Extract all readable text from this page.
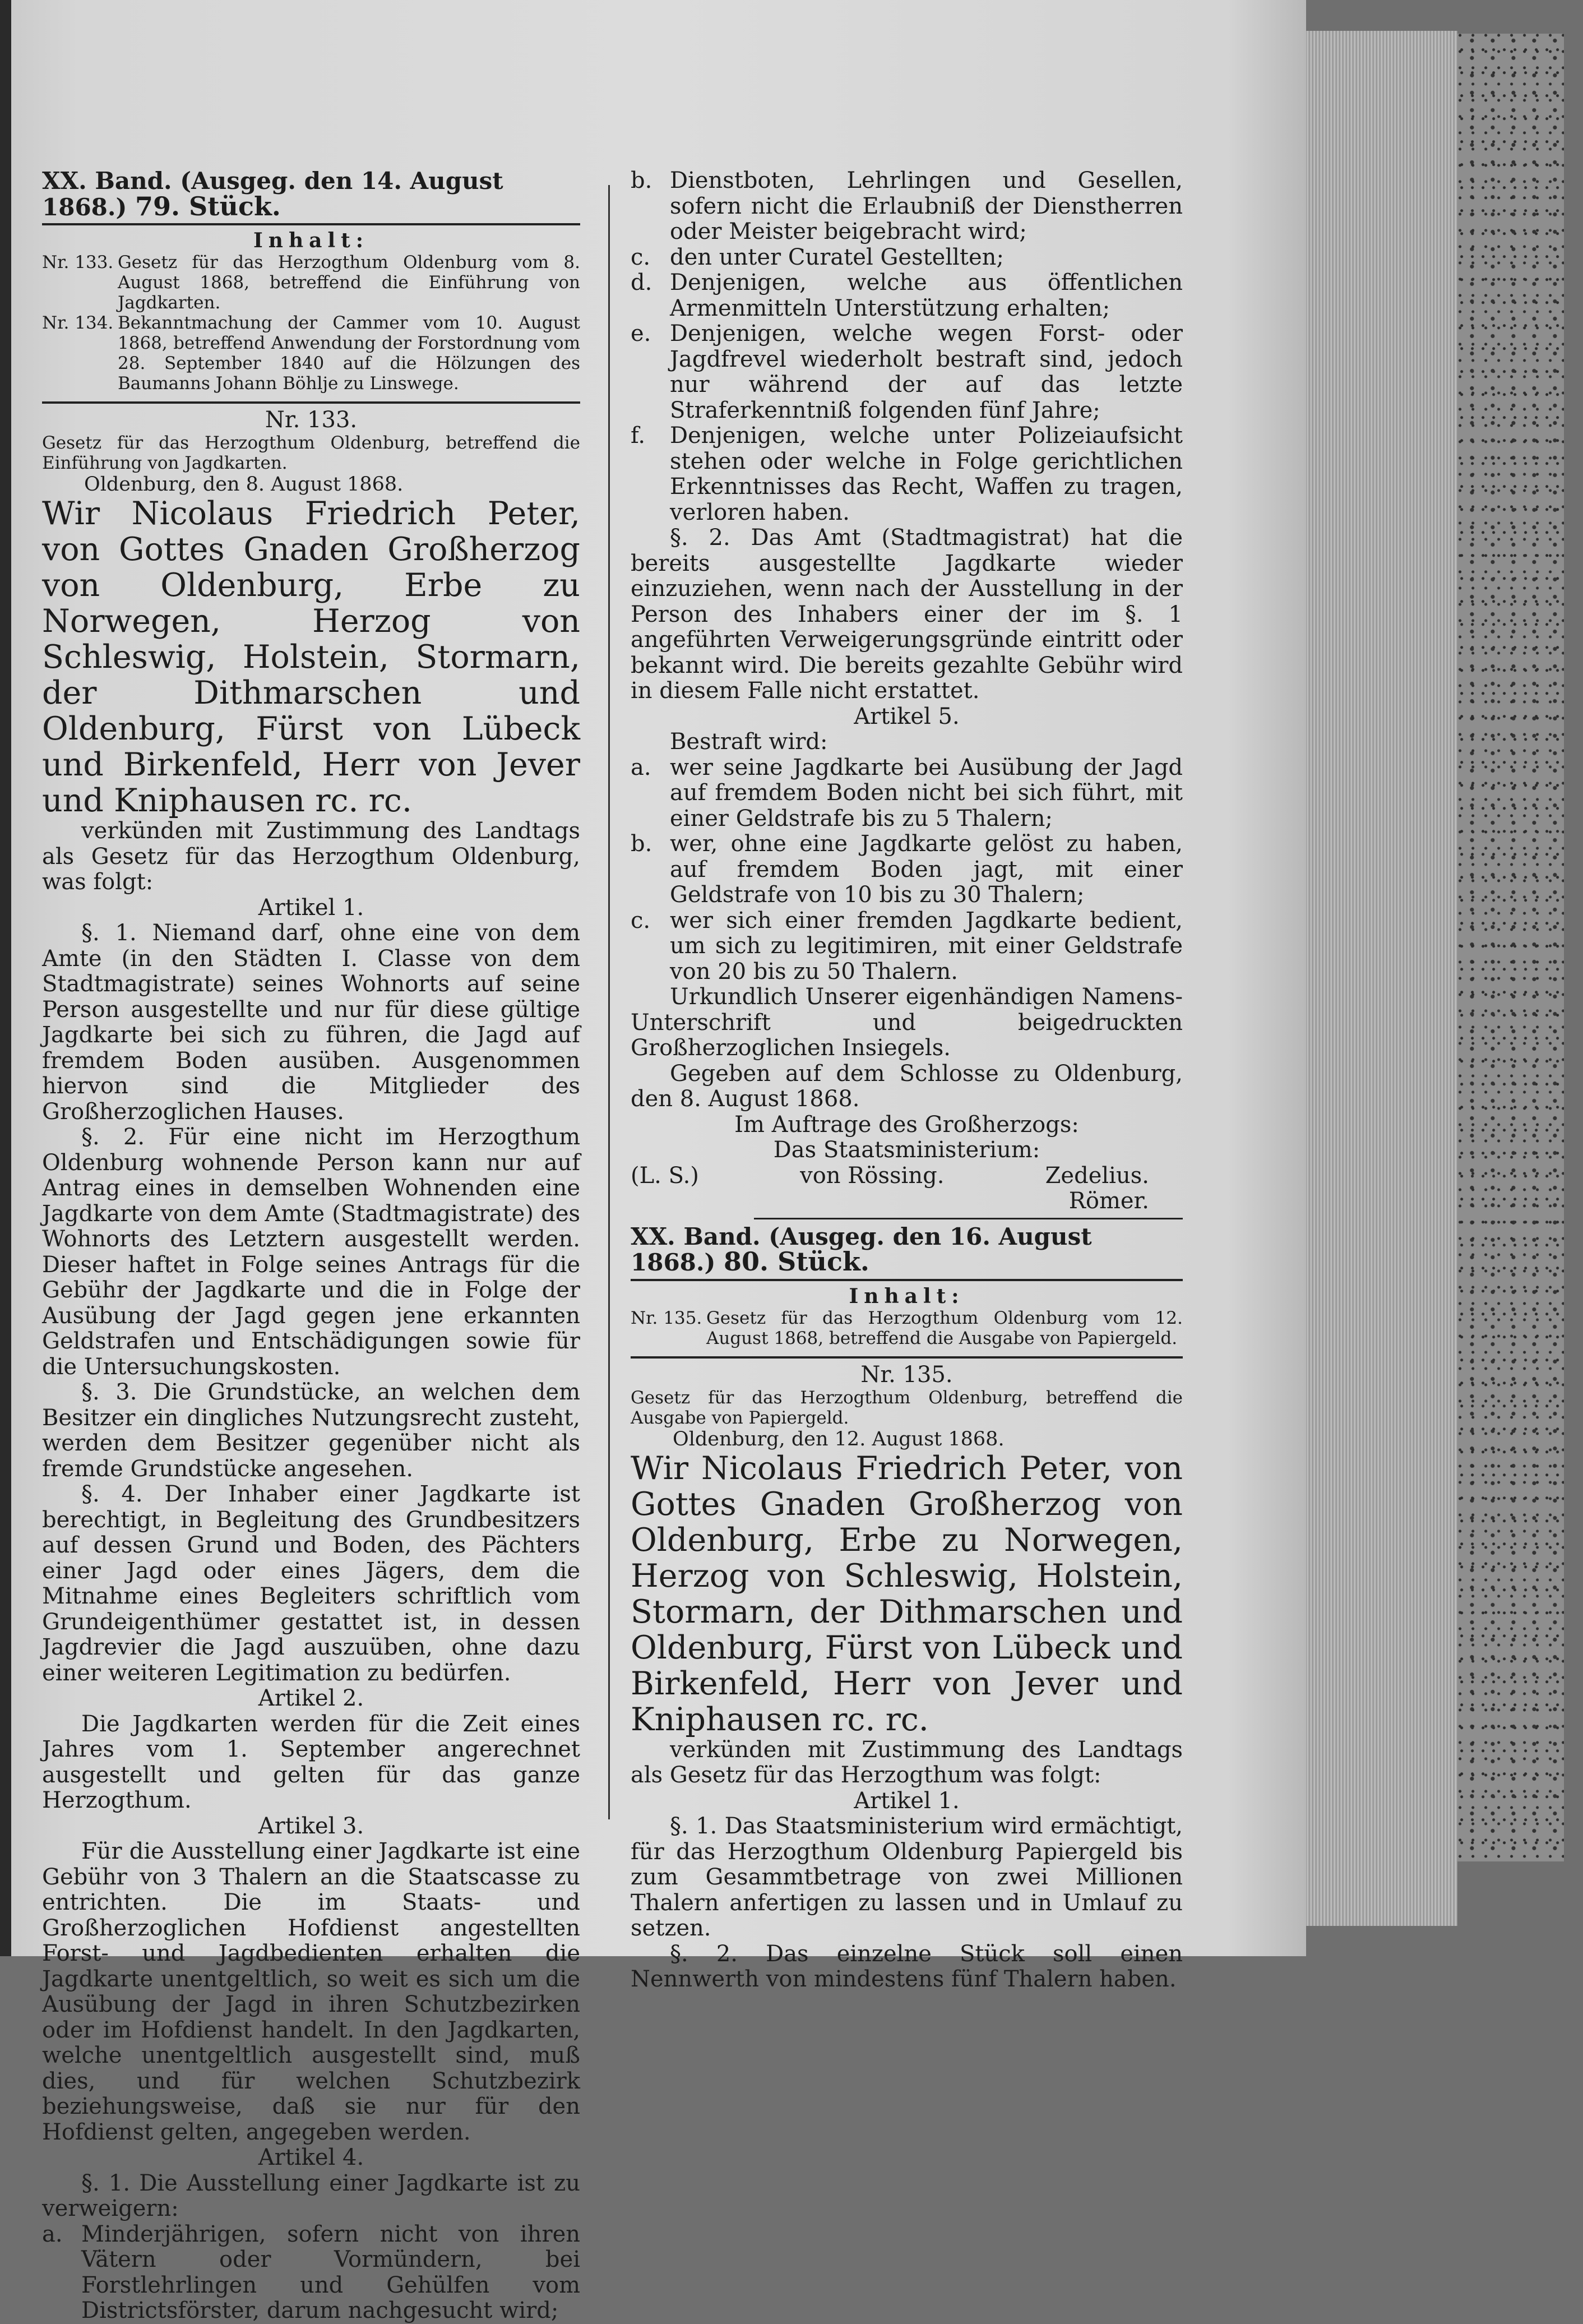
XX. Band. (Ausgeg. den 14. August 1868.) 79. Stück.
Inhalt:
Nr. 133. Gesetz für das Herzogthum Oldenburg vom 8. August 1868, betreffend die Einführung von Jagdkarten.
Nr. 134. Bekanntmachung der Cammer vom 10. August 1868, betreffend Anwendung der Forstordnung vom 28. September 1840 auf die Hölzungen des Baumanns Johann Böhlje zu Linswege.
Nr. 133.

Gesetz für das Herzogthum Oldenburg, betreffend die Einführung von Jagdkarten.

Oldenburg, den 8. August 1868.

Wir Nicolaus Friedrich Peter, von Gottes Gnaden Großherzog von Oldenburg, Erbe zu Norwegen, Herzog von Schleswig, Holstein, Stormarn, der Dithmarschen und Oldenburg, Fürst von Lübeck und Birkenfeld, Herr von Jever und Kniphausen rc. rc.

verkünden mit Zustimmung des Landtags als Gesetz für das Herzogthum Oldenburg, was folgt:

Artikel 1.

§. 1. Niemand darf, ohne eine von dem Amte (in den Städten I. Classe von dem Stadtmagistrate) seines Wohnorts auf seine Person ausgestellte und nur für diese gültige Jagdkarte bei sich zu führen, die Jagd auf fremdem Boden ausüben. Ausgenommen hiervon sind die Mitglieder des Großherzoglichen Hauses.

§. 2. Für eine nicht im Herzogthum Oldenburg wohnende Person kann nur auf Antrag eines in demselben Wohnenden eine Jagdkarte von dem Amte (Stadtmagistrate) des Wohnorts des Letztern ausgestellt werden. Dieser haftet in Folge seines Antrags für die Gebühr der Jagdkarte und die in Folge der Ausübung der Jagd gegen jene erkannten Geldstrafen und Entschädigungen sowie für die Untersuchungskosten.

§. 3. Die Grundstücke, an welchen dem Besitzer ein dingliches Nutzungsrecht zusteht, werden dem Besitzer gegenüber nicht als fremde Grundstücke angesehen.

§. 4. Der Inhaber einer Jagdkarte ist berechtigt, in Begleitung des Grundbesitzers auf dessen Grund und Boden, des Pächters einer Jagd oder eines Jägers, dem die Mitnahme eines Begleiters schriftlich vom Grundeigenthümer gestattet ist, in dessen Jagdrevier die Jagd auszuüben, ohne dazu einer weiteren Legitimation zu bedürfen.

Artikel 2.

Die Jagdkarten werden für die Zeit eines Jahres vom 1. September angerechnet ausgestellt und gelten für das ganze Herzogthum.

Artikel 3.

Für die Ausstellung einer Jagdkarte ist eine Gebühr von 3 Thalern an die Staatscasse zu entrichten. Die im Staats- und Großherzoglichen Hofdienst angestellten Forst- und Jagdbedienten erhalten die Jagdkarte unentgeltlich, so weit es sich um die Ausübung der Jagd in ihren Schutzbezirken oder im Hofdienst handelt. In den Jagdkarten, welche unentgeltlich ausgestellt sind, muß dies, und für welchen Schutzbezirk beziehungsweise, daß sie nur für den Hofdienst gelten, angegeben werden.

Artikel 4.

§. 1. Die Ausstellung einer Jagdkarte ist zu verweigern:

a. Minderjährigen, sofern nicht von ihren Vätern oder Vormündern, bei Forstlehrlingen und Gehülfen vom Districtsförster, darum nachgesucht wird;
b. Dienstboten, Lehrlingen und Gesellen, sofern nicht die Erlaubniß der Dienstherren oder Meister beigebracht wird;
c. den unter Curatel Gestellten;
d. Denjenigen, welche aus öffentlichen Armenmitteln Unterstützung erhalten;
e. Denjenigen, welche wegen Forst- oder Jagdfrevel wiederholt bestraft sind, jedoch nur während der auf das letzte Straferkenntniß folgenden fünf Jahre;
f.	Denjenigen, welche unter Polizeiaufsicht stehen oder welche in Folge gerichtlichen Erkenntnisses das Recht, Waffen zu tragen, verloren haben.

§. 2. Das Amt (Stadtmagistrat) hat die bereits ausgestellte Jagdkarte wieder einzuziehen, wenn nach der Ausstellung in der Person des Inhabers einer der im §. 1 angeführten Verweigerungsgründe eintritt oder bekannt wird. Die bereits gezahlte Gebühr wird in diesem Falle nicht erstattet.

Artikel 5.

Bestraft wird:

a. wer seine Jagdkarte bei Ausübung der Jagd auf fremdem Boden nicht bei sich führt, mit einer Geldstrafe bis zu 5 Thalern;
b. wer, ohne eine Jagdkarte gelöst zu haben, auf fremdem Boden jagt, mit einer Geldstrafe von 10 bis zu 30 Thalern;
c. wer sich einer fremden Jagdkarte bedient, um sich zu legitimiren, mit einer Geldstrafe von 20 bis zu 50 Thalern.

Urkundlich Unserer eigenhändigen Namens-Unterschrift und beigedruckten Großherzoglichen Insiegels.

Gegeben auf dem Schlosse zu Oldenburg, den 8. August 1868.

Im Auftrage des Großherzogs:

Das Staatsministerium:

(L. S.)	von Rössing.	Zedelius.

Römer.

XX. Band. (Ausgeg. den 16. August 1868.) 80. Stück.
Inhalt:
Nr. 135. Gesetz für das Herzogthum Oldenburg vom 12. August 1868, betreffend die Ausgabe von Papiergeld.
Nr. 135.

Gesetz für das Herzogthum Oldenburg, betreffend die Ausgabe von Papiergeld.

Oldenburg, den 12. August 1868.

Wir Nicolaus Friedrich Peter, von Gottes Gnaden Großherzog von Oldenburg, Erbe zu Norwegen, Herzog von Schleswig, Holstein, Stormarn, der Dithmarschen und Oldenburg, Fürst von Lübeck und Birkenfeld, Herr von Jever und Kniphausen rc. rc.

verkünden mit Zustimmung des Landtags als Gesetz für das Herzogthum was folgt:

Artikel 1.

§. 1. Das Staatsministerium wird ermächtigt, für das Herzogthum Oldenburg Papiergeld bis zum Gesammtbetrage von zwei Millionen Thalern anfertigen zu lassen und in Umlauf zu setzen.

§. 2. Das einzelne Stück soll einen Nennwerth von mindestens fünf Thalern haben.
